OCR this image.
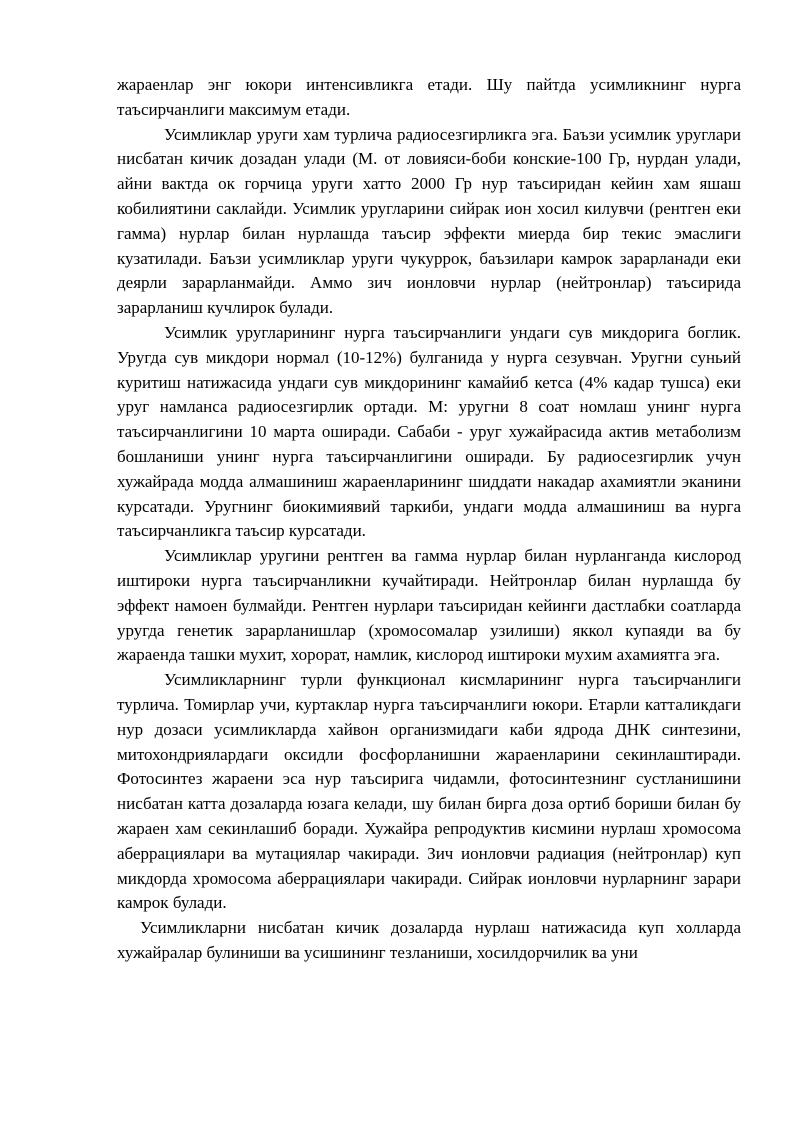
жараенлар энг юкори интенсивликга етади. Шу пайтда усимликнинг нурга таъсирчанлиги максимум етади.

Усимликлар уруги хам турлича радиосезгирликга эга. Баъзи усимлик уруглари нисбатан кичик дозадан улади (М. от ловияси-боби конские-100 Гр, нурдан улади, айни вактда ок горчица уруги хатто 2000 Гр нур таъсиридан кейин хам яшаш кобилиятини саклайди. Усимлик уругларини сийрак ион хосил килувчи (рентген еки гамма) нурлар билан нурлашда таъсир эффекти миерда бир текис эмаслиги кузатилади. Баъзи усимликлар уруги чукуррок, баъзилари камрок зарарланади еки деярли зарарланмайди. Аммо зич ионловчи нурлар (нейтронлар) таъсирида зарарланиш кучлирок булади.

Усимлик уругларининг нурга таъсирчанлиги ундаги сув микдорига боглик. Уругда сув микдори нормал (10-12%) булганида у нурга сезувчан. Уругни суньий куритиш натижасида ундаги сув микдорининг камайиб кетса (4% кадар тушса) еки уруг намланса радиосезгирлик ортади. М: уругни 8 соат номлаш унинг нурга таъсирчанлигини 10 марта оширади. Сабаби - уруг хужайрасида актив метаболизм бошланиши унинг нурга таъсирчанлигини оширади. Бу радиосезгирлик учун хужайрада модда алмашиниш жараенларининг шиддати накадар ахамиятли эканини курсатади. Уругнинг биокимиявий таркиби, ундаги модда алмашиниш ва нурга таъсирчанликга таъсир курсатади.

Усимликлар уругини рентген ва гамма нурлар билан нурланганда кислород иштироки нурга таъсирчанликни кучайтиради. Нейтронлар билан нурлашда бу эффект намоен булмайди. Рентген нурлари таъсиридан кейинги дастлабки соатларда уругда генетик зарарланишлар (хромосомалар узилиши) яккол купаяди ва бу жараенда ташки мухит, хорорат, намлик, кислород иштироки мухим ахамиятга эга.

Усимликларнинг турли функционал кисмларининг нурга таъсирчанлиги турлича. Томирлар учи, куртаклар нурга таъсирчанлиги юкори. Етарли катталикдаги нур дозаси усимликларда хайвон организмидаги каби ядрода ДНК синтезини, митохондриялардаги оксидли фосфорланишни жараенларини секинлаштиради. Фотосинтез жараени эса нур таъсирига чидамли, фотосинтезнинг сустланишини нисбатан катта дозаларда юзага келади, шу билан бирга доза ортиб бориши билан бу жараен хам секинлашиб боради. Хужайра репродуктив кисмини нурлаш хромосома аберрациялари ва мутациялар чакиради. Зич ионловчи радиация (нейтронлар) куп микдорда хромосома аберрациялари чакиради. Сийрак ионловчи нурларнинг зарари камрок булади.

Усимликларни нисбатан кичик дозаларда нурлаш натижасида куп холларда хужайралар булиниши ва усишининг тезланиши, хосилдорчилик ва уни
